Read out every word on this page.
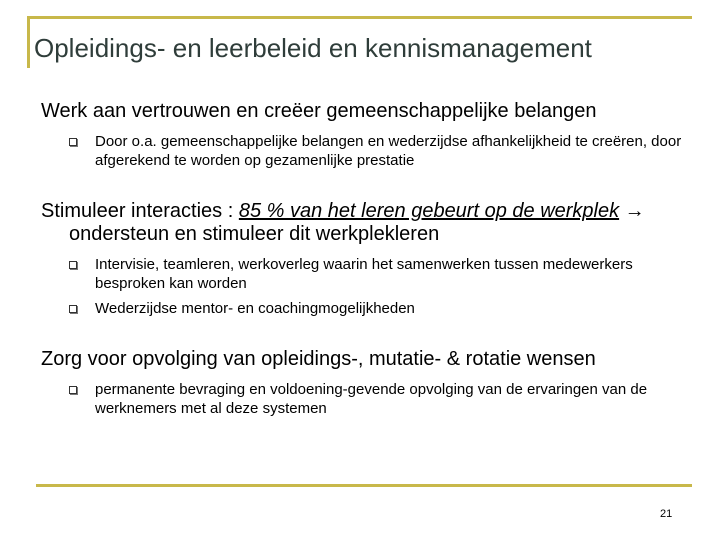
Opleidings- en leerbeleid en kennismanagement

Werk aan vertrouwen en creëer gemeenschappelijke belangen

Door o.a. gemeenschappelijke belangen en wederzijdse afhankelijkheid te creëren, door afgerekend te worden op gezamenlijke prestatie

Stimuleer interacties : 85 % van het leren gebeurt op de werkplek → ondersteun en stimuleer dit werkplekleren

Intervisie, teamleren, werkoverleg waarin het samenwerken tussen medewerkers besproken kan worden
Wederzijdse mentor- en coachingmogelijkheden

Zorg voor opvolging van opleidings-, mutatie- & rotatie wensen

permanente bevraging en voldoening-gevende opvolging van de ervaringen van de werknemers met al deze systemen
21
